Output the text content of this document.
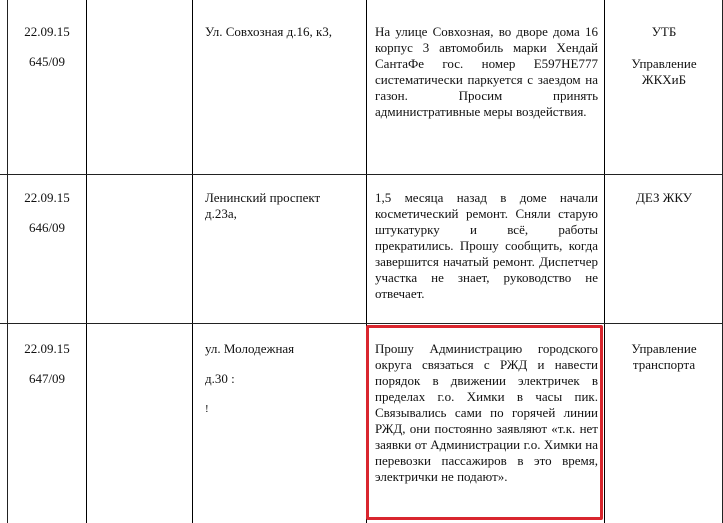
22.09.15
645/09
Ул. Совхозная д.16, к3,	На улице Совхозная, во дворе дома 16 корпус 3 автомобиль марки Хендай СантаФе гос. номер Е597НЕ777 систематически паркуется с заездом на газон. Просим принять административные меры воздействия.
УТБ
Управление ЖКХиБ
22.09.15
646/09
Ленинский проспект д.23а,
1,5 месяца назад в доме начали косметический ремонт. Сняли старую штукатурку и всё, работы прекратились. Прошу сообщить, когда завершится начатый ремонт. Диспетчер участка не знает, руководство не отвечает.
ДЕЗ ЖКУ
22.09.15
647/09
ул. Молодежная
д.30 :
!
Прошу Администрацию городского округа связаться с РЖД и навести порядок в движении электричек в пределах г.о. Химки в часы пик. Связывались сами по горячей линии РЖД, они постоянно заявляют «т.к. нет заявки от Администрации г.о. Химки на перевозки пассажиров в это время, электрички не подают».
Управление транспорта
